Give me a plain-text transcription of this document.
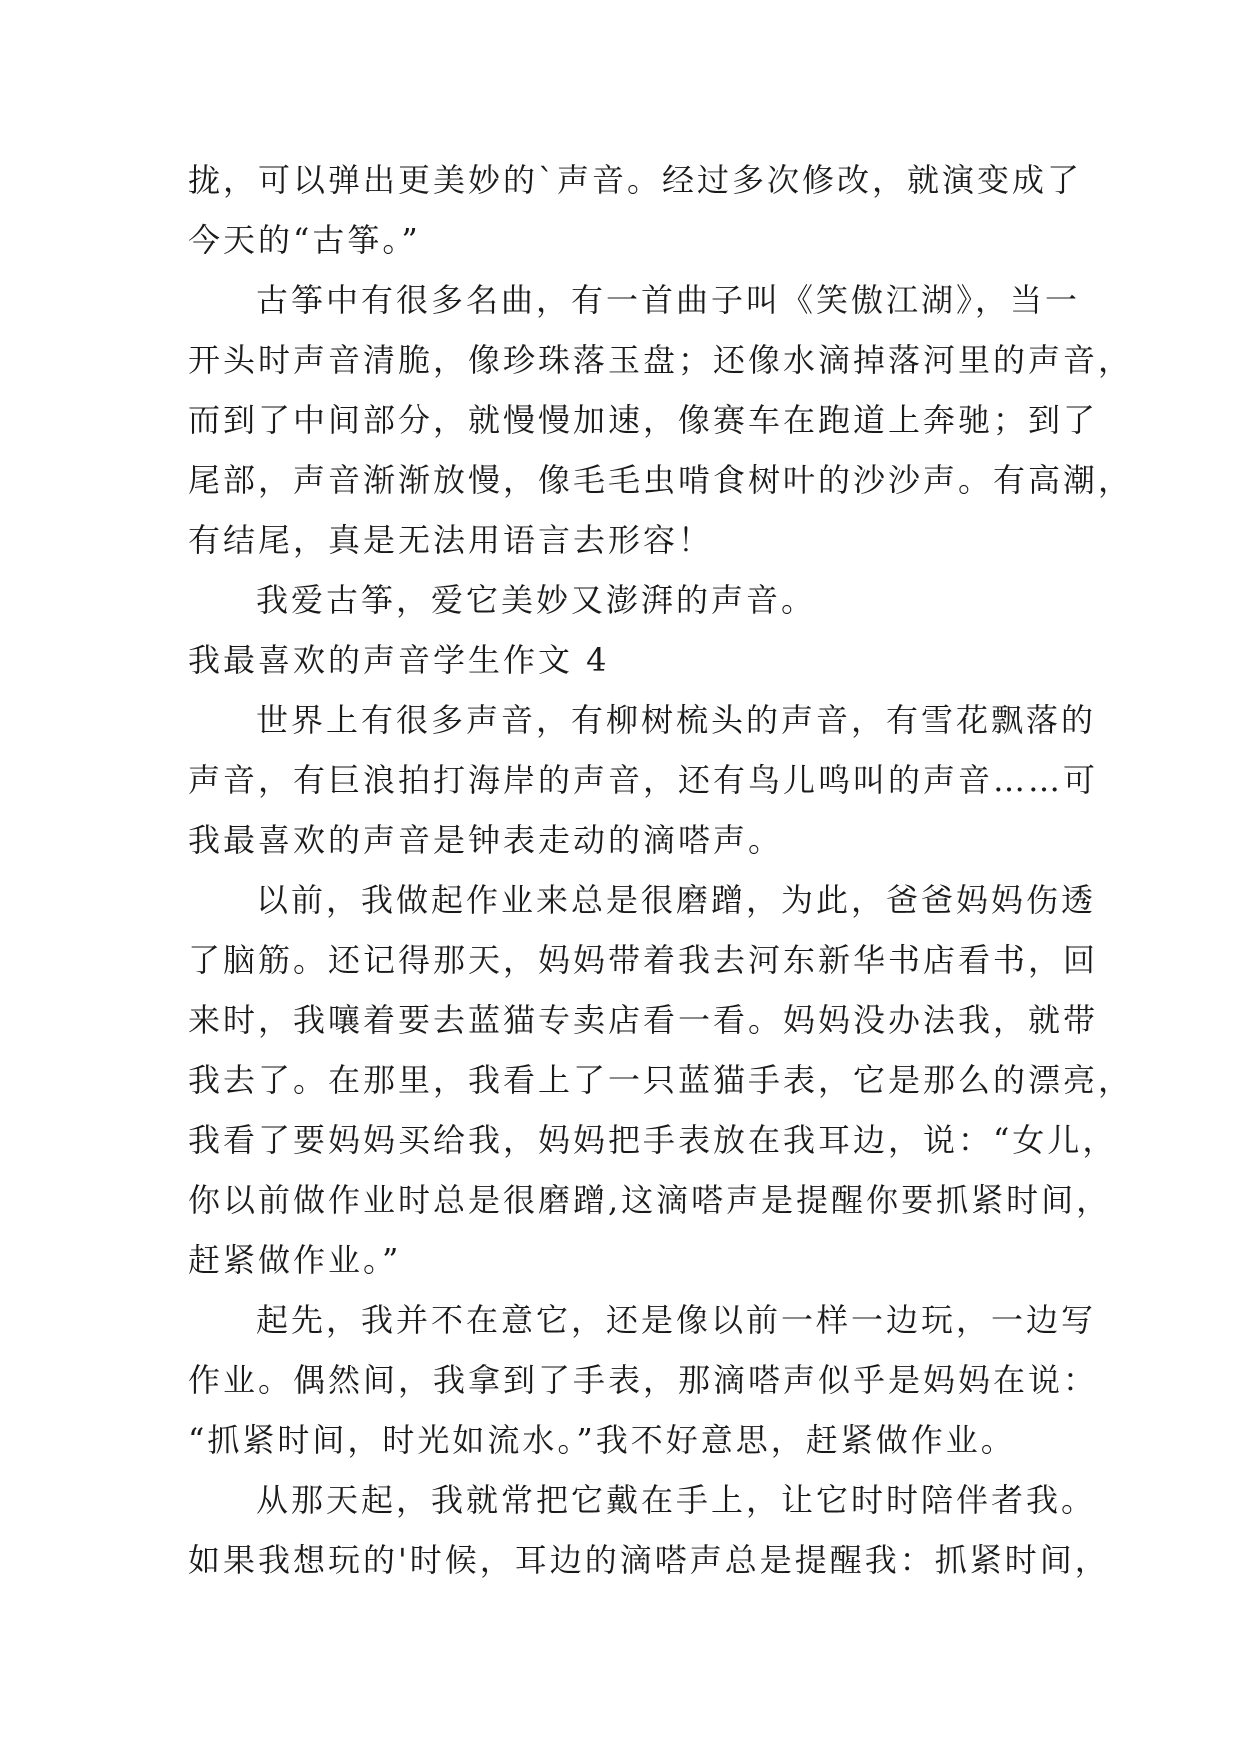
拢，可以弹出更美妙的`声音。经过多次修改，就演变成了
今天的“古筝。”
古筝中有很多名曲，有一首曲子叫《笑傲江湖》，当一
开头时声音清脆，像珍珠落玉盘；还像水滴掉落河里的声音，
而到了中间部分，就慢慢加速，像赛车在跑道上奔驰；到了
尾部，声音渐渐放慢，像毛毛虫啃食树叶的沙沙声。有高潮，
有结尾，真是无法用语言去形容！
我爱古筝，爱它美妙又澎湃的声音。
我最喜欢的声音学生作文 4
世界上有很多声音，有柳树梳头的声音，有雪花飘落的
声音，有巨浪拍打海岸的声音，还有鸟儿鸣叫的声音……可
我最喜欢的声音是钟表走动的滴嗒声。
以前，我做起作业来总是很磨蹭，为此，爸爸妈妈伤透
了脑筋。还记得那天，妈妈带着我去河东新华书店看书，回
来时，我嚷着要去蓝猫专卖店看一看。妈妈没办法我，就带
我去了。在那里，我看上了一只蓝猫手表，它是那么的漂亮，
我看了要妈妈买给我，妈妈把手表放在我耳边，说：“女儿，
你以前做作业时总是很磨蹭,这滴嗒声是提醒你要抓紧时间，
赶紧做作业。”
起先，我并不在意它，还是像以前一样一边玩，一边写
作业。偶然间，我拿到了手表，那滴嗒声似乎是妈妈在说：
“抓紧时间，时光如流水。”我不好意思，赶紧做作业。
从那天起，我就常把它戴在手上，让它时时陪伴者我。
如果我想玩的'时候，耳边的滴嗒声总是提醒我：抓紧时间，
